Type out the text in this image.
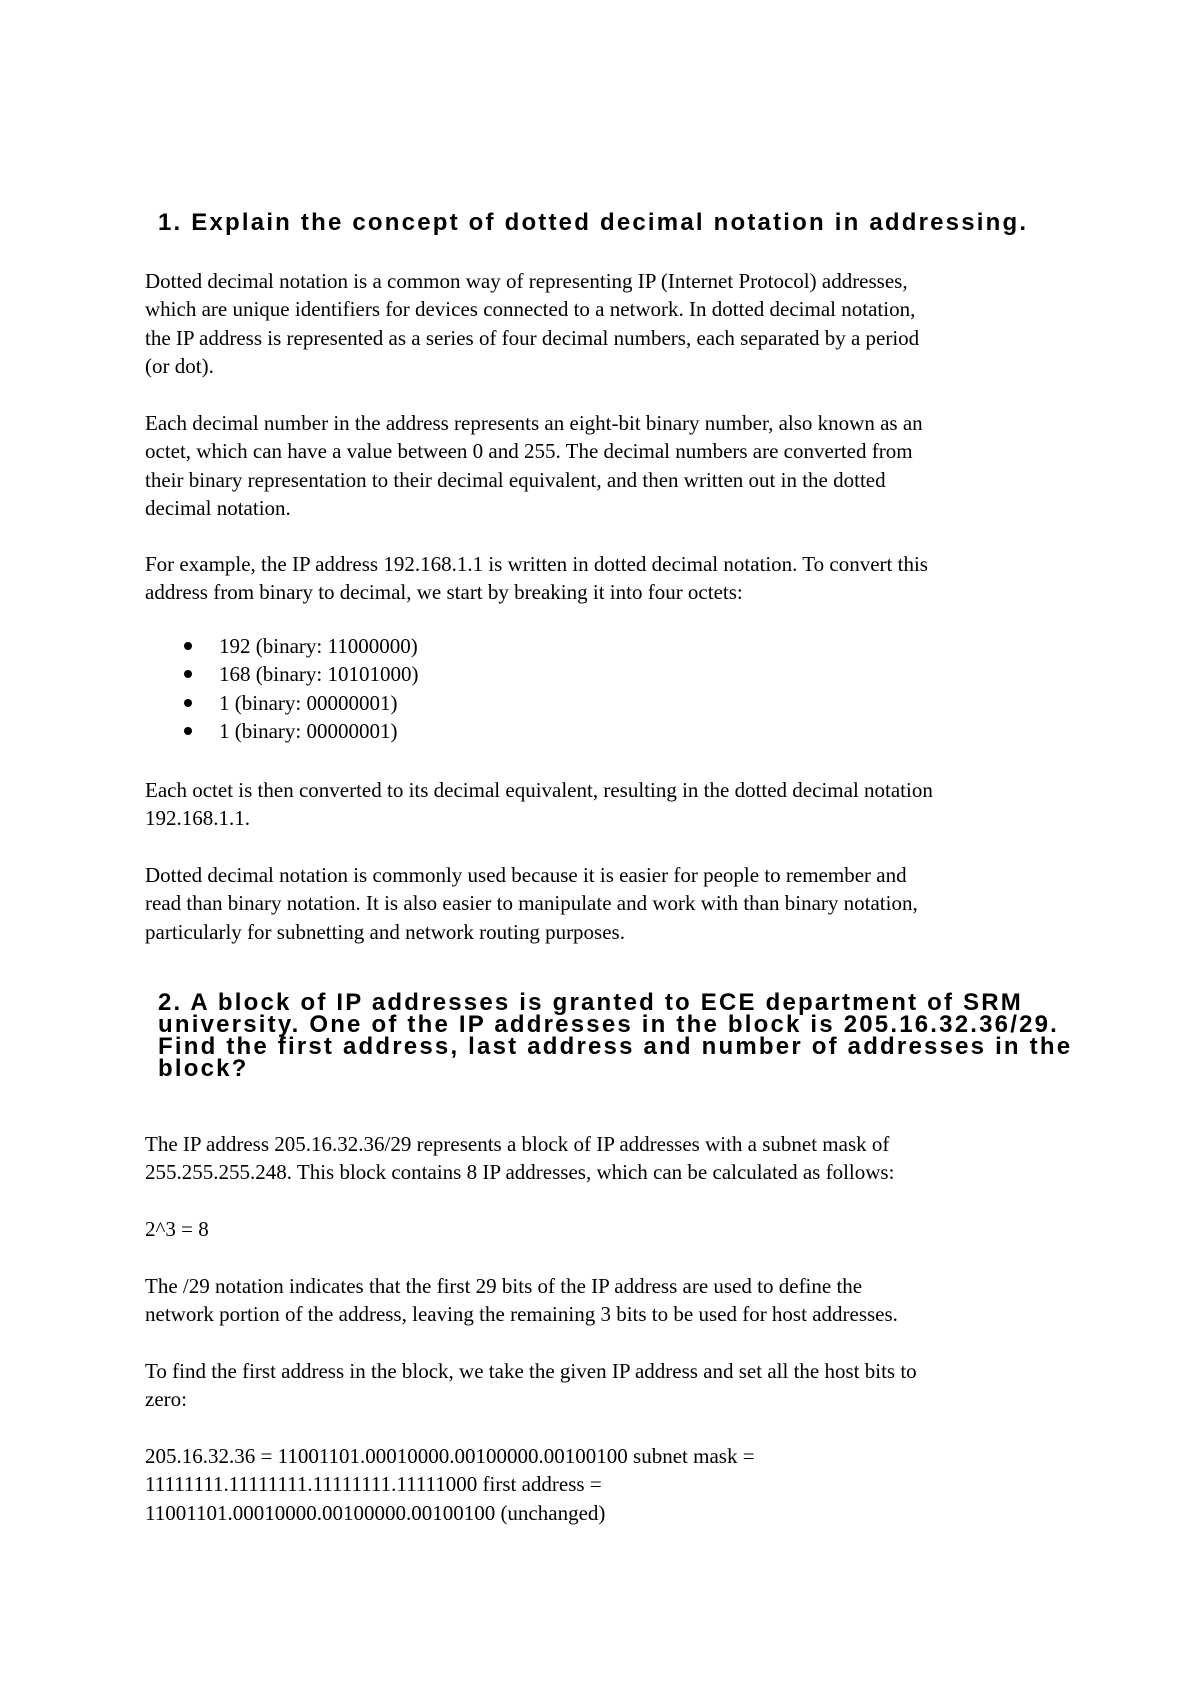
1. Explain the concept of dotted decimal notation in addressing.

Dotted decimal notation is a common way of representing IP (Internet Protocol) addresses,
which are unique identifiers for devices connected to a network. In dotted decimal notation,
the IP address is represented as a series of four decimal numbers, each separated by a period
(or dot).

Each decimal number in the address represents an eight-bit binary number, also known as an
octet, which can have a value between 0 and 255. The decimal numbers are converted from
their binary representation to their decimal equivalent, and then written out in the dotted
decimal notation.

For example, the IP address 192.168.1.1 is written in dotted decimal notation. To convert this
address from binary to decimal, we start by breaking it into four octets:

192 (binary: 11000000)
168 (binary: 10101000)
1 (binary: 00000001)
1 (binary: 00000001)

Each octet is then converted to its decimal equivalent, resulting in the dotted decimal notation
192.168.1.1.

Dotted decimal notation is commonly used because it is easier for people to remember and
read than binary notation. It is also easier to manipulate and work with than binary notation,
particularly for subnetting and network routing purposes.

2. A block of IP addresses is granted to ECE department of SRM
university. One of the IP addresses in the block is 205.16.32.36/29.
Find the first address, last address and number of addresses in the
block?

The IP address 205.16.32.36/29 represents a block of IP addresses with a subnet mask of
255.255.255.248. This block contains 8 IP addresses, which can be calculated as follows:

2^3 = 8

The /29 notation indicates that the first 29 bits of the IP address are used to define the
network portion of the address, leaving the remaining 3 bits to be used for host addresses.

To find the first address in the block, we take the given IP address and set all the host bits to
zero:

205.16.32.36 = 11001101.00010000.00100000.00100100 subnet mask =
11111111.11111111.11111111.11111000 first address =
11001101.00010000.00100000.00100100 (unchanged)
